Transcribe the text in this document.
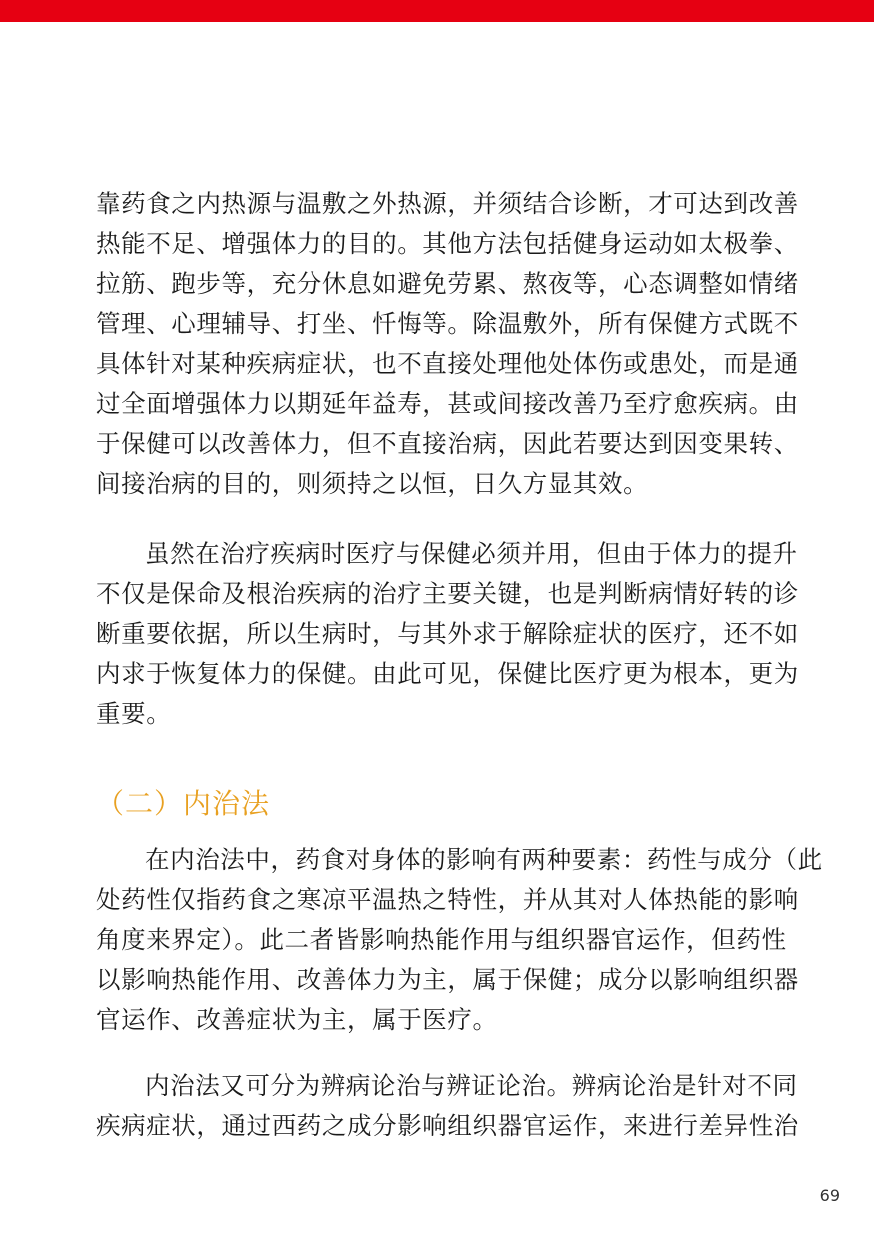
靠药食之内热源与温敷之外热源，并须结合诊断，才可达到改善
热能不足、增强体力的目的。其他方法包括健身运动如太极拳、
拉筋、跑步等，充分休息如避免劳累、熬夜等，心态调整如情绪
管理、心理辅导、打坐、忏悔等。除温敷外，所有保健方式既不
具体针对某种疾病症状，也不直接处理他处体伤或患处，而是通
过全面增强体力以期延年益寿，甚或间接改善乃至疗愈疾病。由
于保健可以改善体力，但不直接治病，因此若要达到因变果转、
间接治病的目的，则须持之以恒，日久方显其效。
虽然在治疗疾病时医疗与保健必须并用，但由于体力的提升
不仅是保命及根治疾病的治疗主要关键，也是判断病情好转的诊
断重要依据，所以生病时，与其外求于解除症状的医疗，还不如
内求于恢复体力的保健。由此可见，保健比医疗更为根本，更为
重要。
（二）内治法
在内治法中，药食对身体的影响有两种要素：药性与成分（此
处药性仅指药食之寒凉平温热之特性，并从其对人体热能的影响
角度来界定）。此二者皆影响热能作用与组织器官运作，但药性
以影响热能作用、改善体力为主，属于保健；成分以影响组织器
官运作、改善症状为主，属于医疗。
内治法又可分为辨病论治与辨证论治。辨病论治是针对不同
疾病症状，通过西药之成分影响组织器官运作，来进行差异性治
69
